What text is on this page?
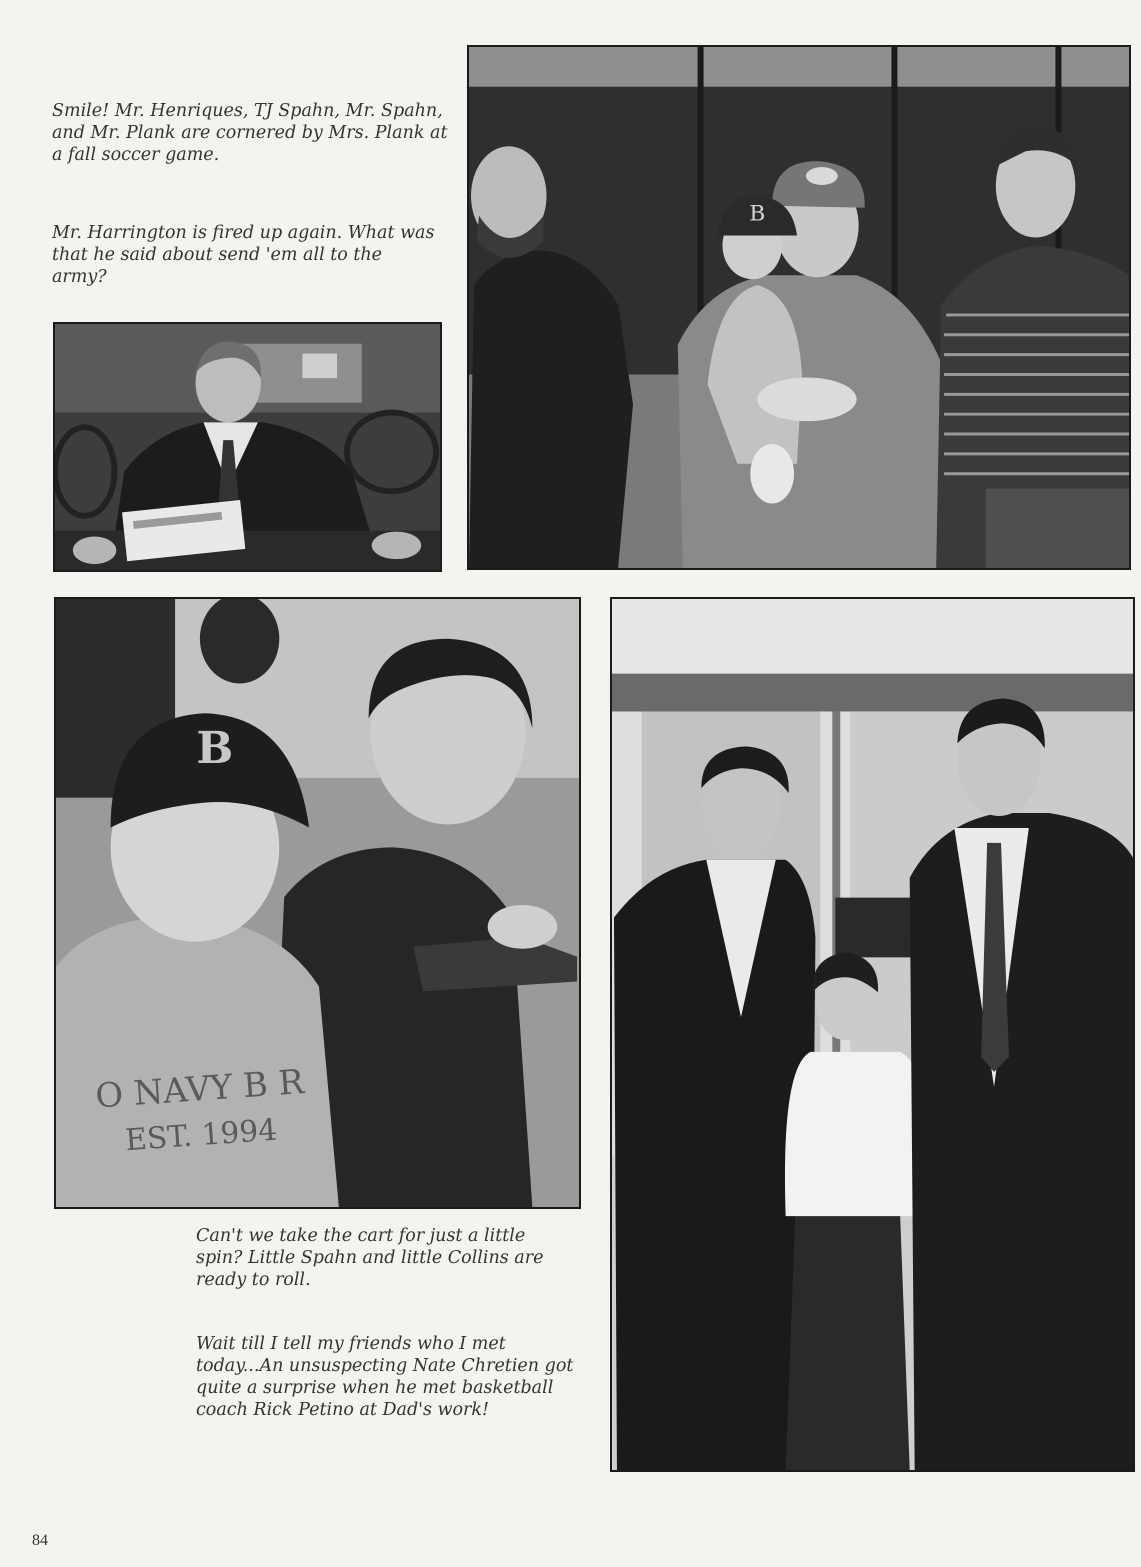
Smile! Mr. Henriques, TJ Spahn, Mr. Spahn, and Mr. Plank are cornered by Mrs. Plank at a fall soccer game.

Mr. Harrington is fired up again. What was that he said about send 'em all to the army?

B
B
O NAVY B R
EST. 1994

Can't we take the cart for just a little spin? Little Spahn and little Collins are ready to roll.

Wait till I tell my friends who I met today...An unsuspecting Nate Chretien got quite a surprise when he met basketball coach Rick Petino at Dad's work!

84
